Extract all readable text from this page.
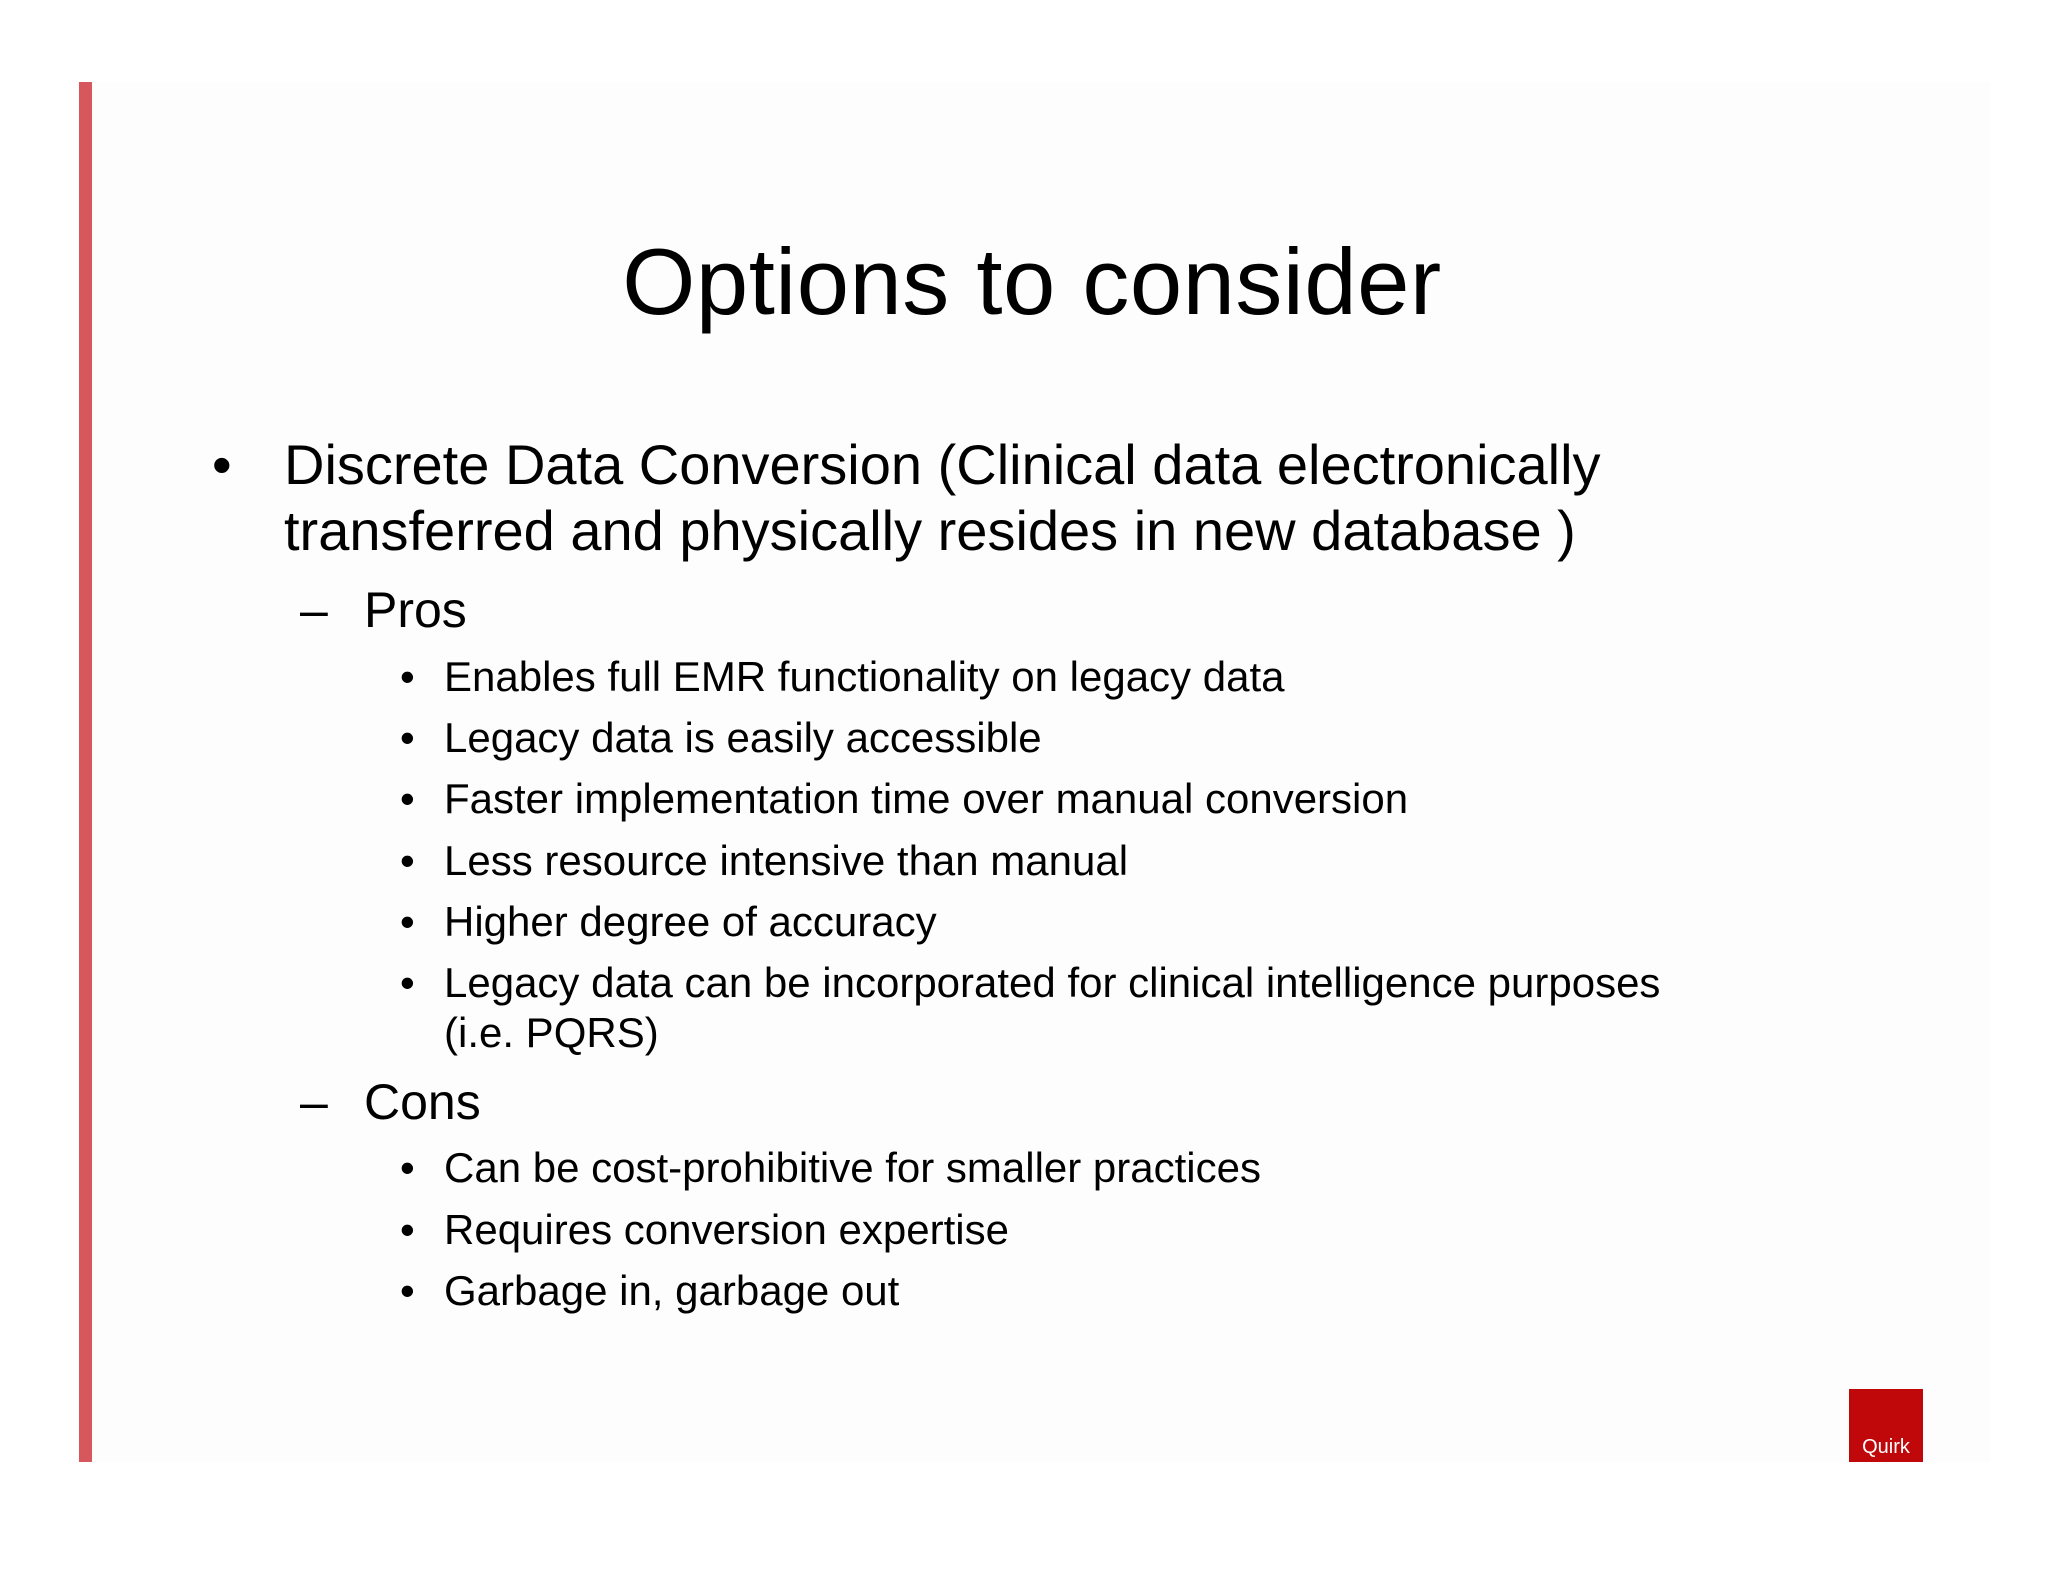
Options to consider
• Discrete Data Conversion (Clinical data electronically
transferred and physically resides in new database )
– Pros
• Enables full EMR functionality on legacy data
• Legacy data is easily accessible
• Faster implementation time over manual conversion
• Less resource intensive than manual
• Higher degree of accuracy
• Legacy data can be incorporated for clinical intelligence purposes
(i.e. PQRS)
– Cons
• Can be cost-prohibitive for smaller practices
• Requires conversion expertise
• Garbage in, garbage out
Quirk
